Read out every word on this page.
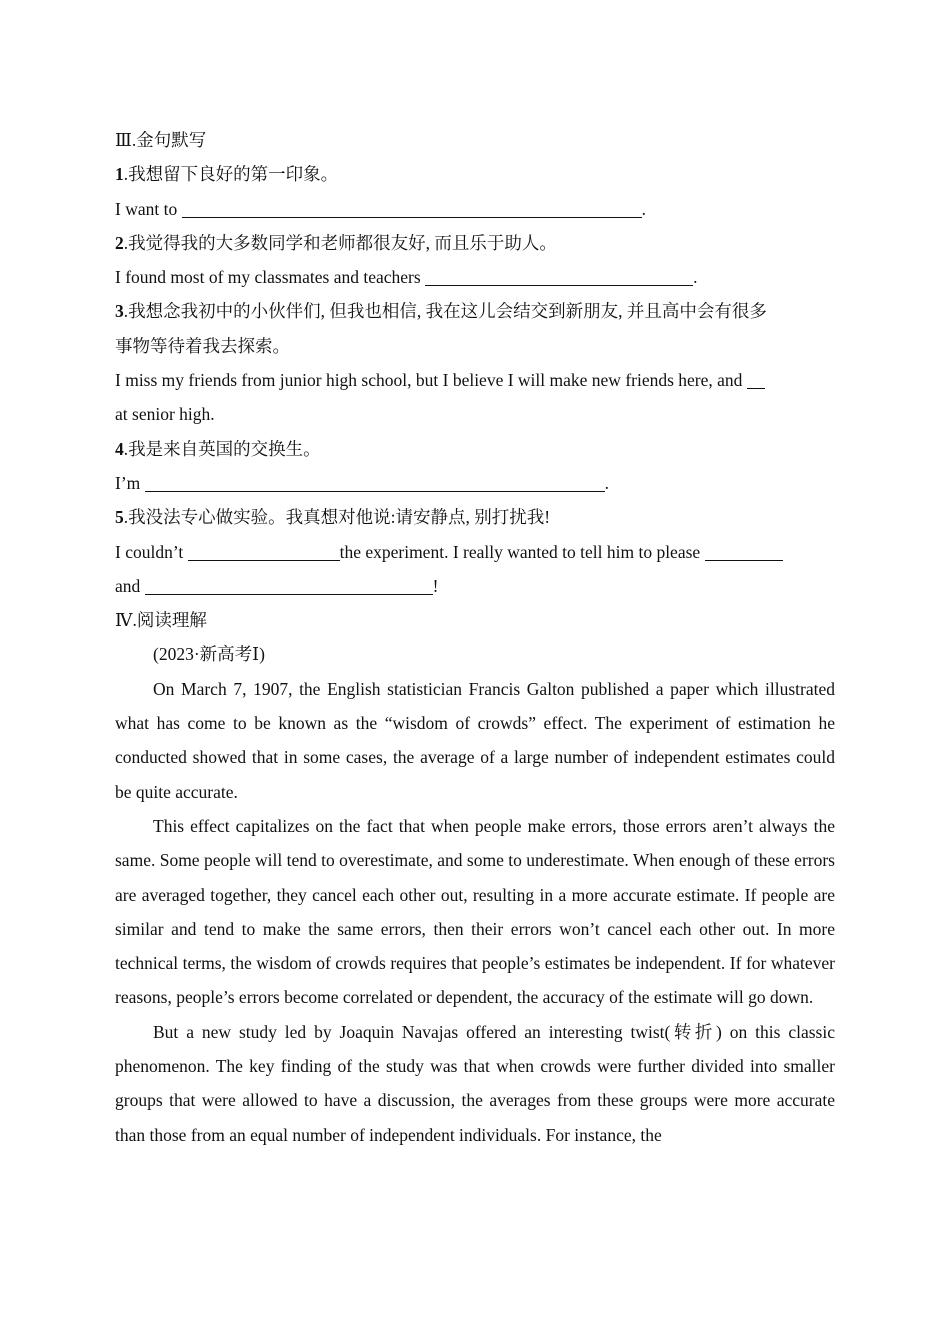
Ⅲ.金句默写
1.我想留下良好的第一印象。
I want to	.
2.我觉得我的大多数同学和老师都很友好, 而且乐于助人。
I found most of my classmates and teachers	.
3.我想念我初中的小伙伴们, 但我也相信, 我在这儿会结交到新朋友, 并且高中会有很多
事物等待着我去探索。
I miss my friends from junior high school, but I believe I will make new friends here, and
at senior high.
4.我是来自英国的交换生。
I’m	.
5.我没法专心做实验。我真想对他说:请安静点, 别打扰我!
I couldn’t	the experiment. I really wanted to tell him to please
and	!
Ⅳ.阅读理解
(2023·新高考Ⅰ)
On March 7, 1907, the English statistician Francis Galton published a paper which illustrated what has come to be known as the “wisdom of crowds” effect. The experiment of estimation he conducted showed that in some cases, the average of a large number of independent estimates could be quite accurate.
This effect capitalizes on the fact that when people make errors, those errors aren’t always the same. Some people will tend to overestimate, and some to underestimate. When enough of these errors are averaged together, they cancel each other out, resulting in a more accurate estimate. If people are similar and tend to make the same errors, then their errors won’t cancel each other out. In more technical terms, the wisdom of crowds requires that people’s estimates be independent. If for whatever reasons, people’s errors become correlated or dependent, the accuracy of the estimate will go down.
But a new study led by Joaquin Navajas offered an interesting twist(转折) on this classic phenomenon. The key finding of the study was that when crowds were further divided into smaller groups that were allowed to have a discussion, the averages from these groups were more accurate than those from an equal number of independent individuals. For instance, the
